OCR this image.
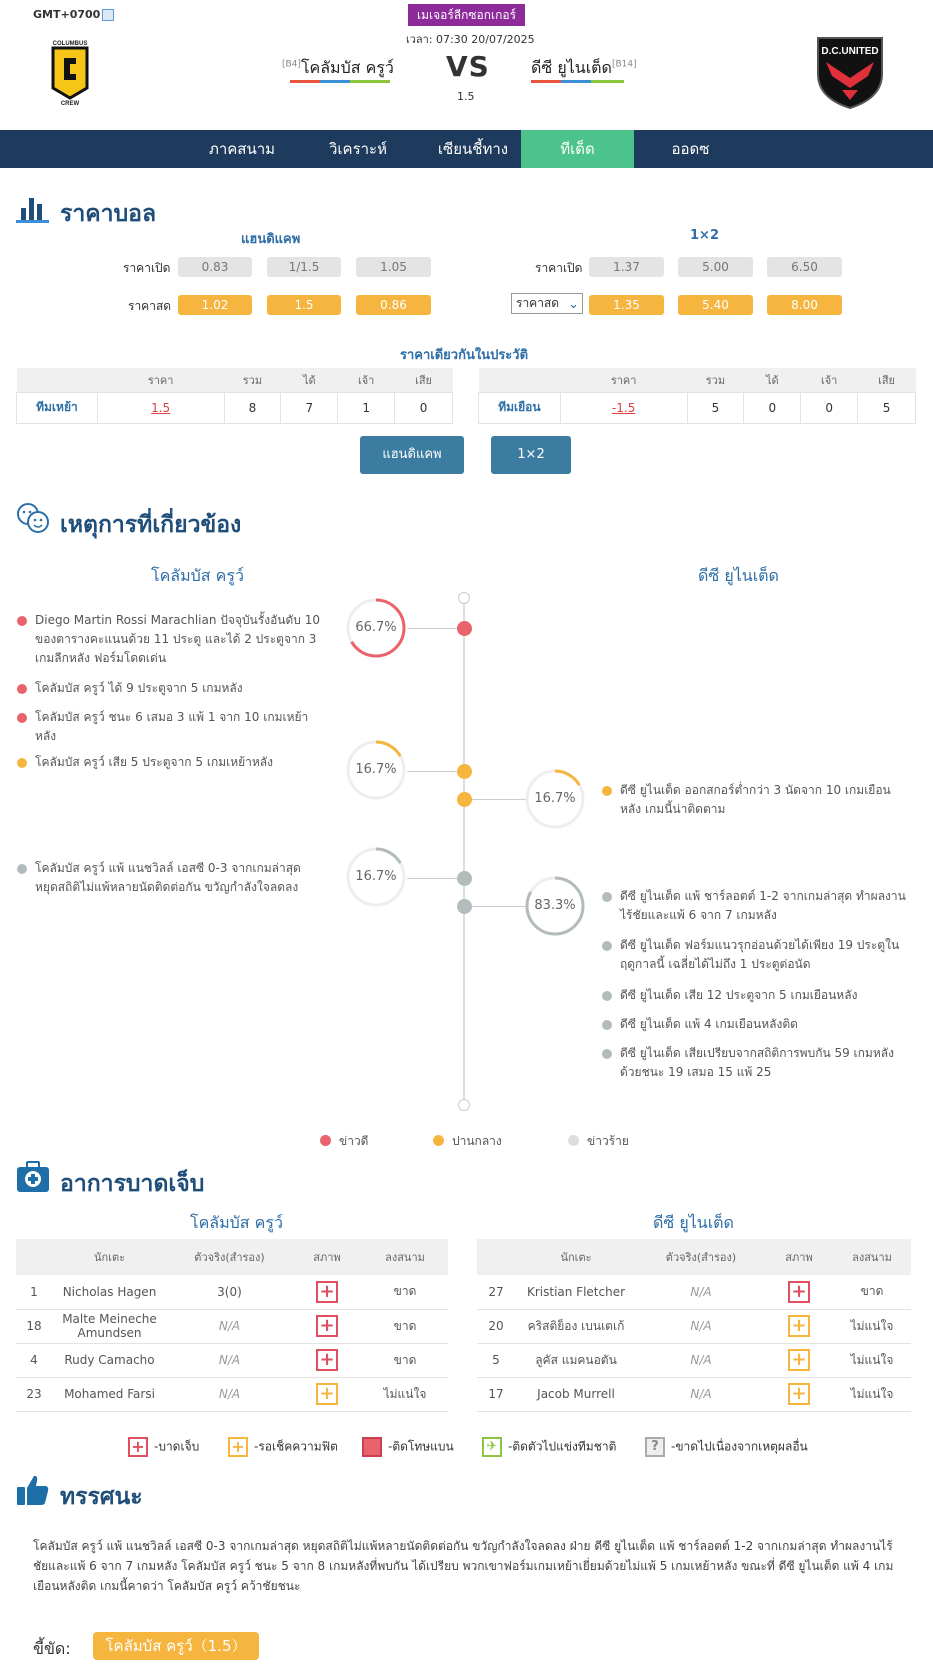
GMT+0700	เมเจอร์ลีกซอกเกอร์
เวลา: 07:30 20/07/2025
COLUMBUS
CREW
[B4]โคลัมบัส ครูว์ VS
1.5
ดีซี ยูไนเต็ด[B14]
D.C.UNITED
ภาคสนาม	วิเคราะห์	เซียนชี้ทาง	ทีเด็ด	ออดซ
ราคาบอล
แฮนดิแคพ	1×2
ราคาเปิด	0.83	1/1.5	1.05
ราคาสด	1.02	1.5	0.86
ราคาเปิด	1.37	5.00	6.50
ราคาสด ⌄	1.35	5.40	8.00
ราคาเดียวกันในประวัติ
	ราคา	รวม	ได้	เจ้า	เสีย
ทีมเหย้า	1.5	8	7	1	0
	ราคา	รวม	ได้	เจ้า	เสีย
ทีมเยือน	-1.5	5	0	0	5
แฮนดิแคพ	1×2
เหตุการที่เกี่ยวข้อง
โคลัมบัส ครูว์	ดีซี ยูไนเต็ด
Diego Martin Rossi Marachlian ปัจจุบันรั้งอันดับ 10 ของตารางคะแนนด้วย 11 ประตู และได้ 2 ประตูจาก 3 เกมลีกหลัง ฟอร์มโดดเด่น
โคลัมบัส ครูว์ ได้ 9 ประตูจาก 5 เกมหลัง
โคลัมบัส ครูว์ ชนะ 6 เสมอ 3 แพ้ 1 จาก 10 เกมเหย้าหลัง
โคลัมบัส ครูว์ เสีย 5 ประตูจาก 5 เกมเหย้าหลัง
โคลัมบัส ครูว์ แพ้ แนชวิลล์ เอสซี 0-3 จากเกมล่าสุด หยุดสถิติไม่แพ้หลายนัดติดต่อกัน ขวัญกำลังใจลดลง
ดีซี ยูไนเต็ด ออกสกอร์ต่ำกว่า 3 นัดจาก 10 เกมเยือนหลัง เกมนี้น่าติดตาม
ดีซี ยูไนเต็ด แพ้ ชาร์ลอตต์ 1-2 จากเกมล่าสุด ทำผลงานไร้ชัยและแพ้ 6 จาก 7 เกมหลัง
ดีซี ยูไนเต็ด ฟอร์มแนวรุกอ่อนด้วยได้เพียง 19 ประตูในฤดูกาลนี้ เฉลี่ยได้ไม่ถึง 1 ประตูต่อนัด
ดีซี ยูไนเต็ด เสีย 12 ประตูจาก 5 เกมเยือนหลัง
ดีซี ยูไนเต็ด แพ้ 4 เกมเยือนหลังติด
ดีซี ยูไนเต็ด เสียเปรียบจากสถิติการพบกัน 59 เกมหลัง ด้วยชนะ 19 เสมอ 15 แพ้ 25
66.7%
16.7%
16.7%
16.7%
83.3%
ข่าวดี	ปานกลาง	ข่าวร้าย
อาการบาดเจ็บ
โคลัมบัส ครูว์	ดีซี ยูไนเต็ด
	นักเตะ	ตัวจริง(สำรอง)	สภาพ	ลงสนาม
1	Nicholas Hagen	3(0)	+	ขาด
18	Malte Meineche Amundsen	N/A	+	ขาด
4	Rudy Camacho	N/A	+	ขาด
23	Mohamed Farsi	N/A	+	ไม่แน่ใจ
	นักเตะ	ตัวจริง(สำรอง)	สภาพ	ลงสนาม
27	Kristian Fletcher	N/A	+	ขาด
20	คริสติย็อง เบนเตเก้	N/A	+	ไม่แน่ใจ
5	ลูคัส แมคนอตัน	N/A	+	ไม่แน่ใจ
17	Jacob Murrell	N/A	+	ไม่แน่ใจ
+ -บาดเจ็บ + -รอเช็คความฟิต	-ติดโทษแบน	✈ -ติดตัวไปแข่งทีมชาติ	? -ขาดไปเนื่องจากเหตุผลอื่น
ทรรศนะ
โคลัมบัส ครูว์ แพ้ แนชวิลล์ เอสซี 0-3 จากเกมล่าสุด หยุดสถิติไม่แพ้หลายนัดติดต่อกัน ขวัญกำลังใจลดลง ฝ่าย ดีซี ยูไนเต็ด แพ้ ชาร์ลอตต์ 1-2 จากเกมล่าสุด ทำผลงานไร้ชัยและแพ้ 6 จาก 7 เกมหลัง โคลัมบัส ครูว์ ชนะ 5 จาก 8 เกมหลังที่พบกัน ได้เปรียบ พวกเขาฟอร์มเกมเหย้าเยี่ยมด้วยไม่แพ้ 5 เกมเหย้าหลัง ขณะที่ ดีซี ยูไนเต็ด แพ้ 4 เกมเยือนหลังติด เกมนี้คาดว่า โคลัมบัส ครูว์ คว้าชัยชนะ
ขี้ขัด:	โคลัมบัส ครูว์（1.5）
